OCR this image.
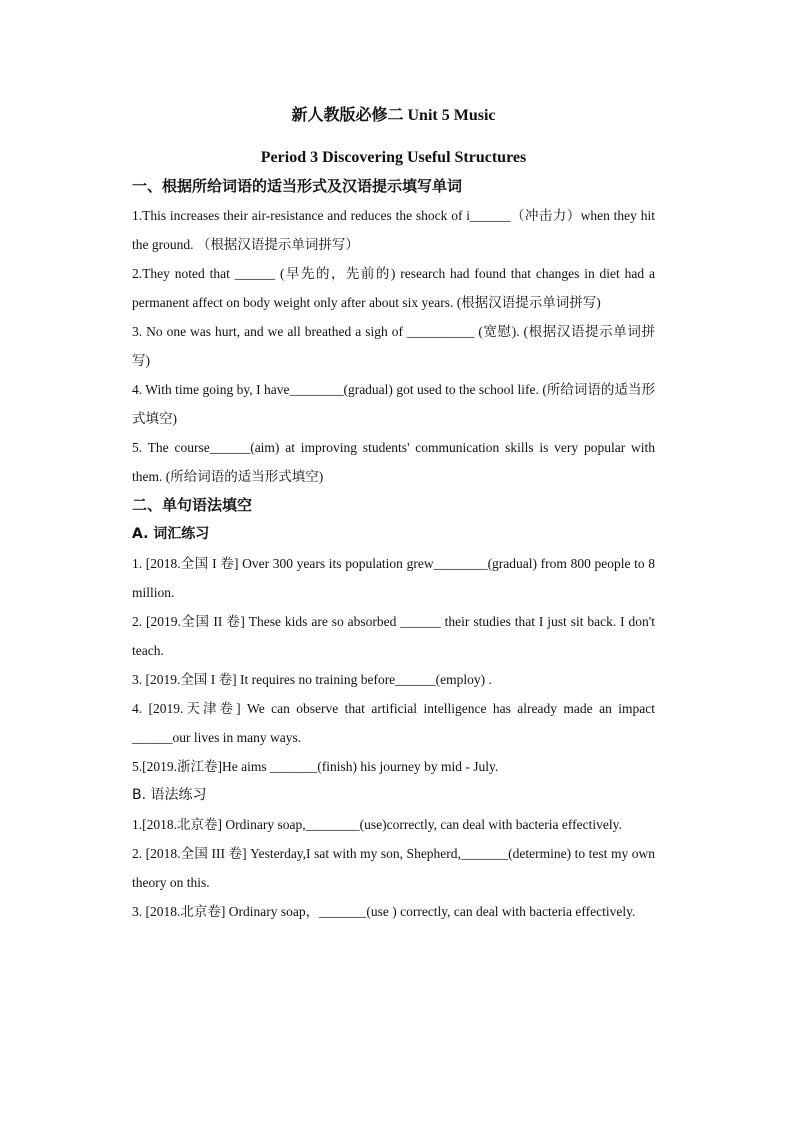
新人教版必修二 Unit 5 Music

Period 3 Discovering Useful Structures

一、根据所给词语的适当形式及汉语提示填写单词

1.This increases their air-resistance and reduces the shock of i______（冲击力）when they hit the ground. （根据汉语提示单词拼写）

2.They noted that ______ (早先的，先前的) research had found that changes in diet had a permanent affect on body weight only after about six years. (根据汉语提示单词拼写)

3. No one was hurt, and we all breathed a sigh of __________ (宽慰). (根据汉语提示单词拼写)

4. With time going by, I have________(gradual) got used to the school life. (所给词语的适当形式填空)

5. The course______(aim) at improving students' communication skills is very popular with them. (所给词语的适当形式填空)

二、单句语法填空

A. 词汇练习

1. [2018.全国 I 卷] Over 300 years its population grew________(gradual) from 800 people to 8 million.

2. [2019.全国 II 卷] These kids are so absorbed ______ their studies that I just sit back. I don't teach.

3. [2019.全国 I 卷] It requires no training before______(employ) .

4. [2019.天津卷] We can observe that artificial intelligence has already made an impact ______our lives in many ways.

5.[2019.浙江卷]He aims _______(finish) his journey by mid - July.

B. 语法练习

1.[2018.北京卷] Ordinary soap,________(use)correctly, can deal with bacteria effectively.

2. [2018.全国 III 卷] Yesterday,I sat with my son, Shepherd,_______(determine) to test my own theory on this.

3. [2018.北京卷] Ordinary soap，_______(use ) correctly, can deal with bacteria effectively.
